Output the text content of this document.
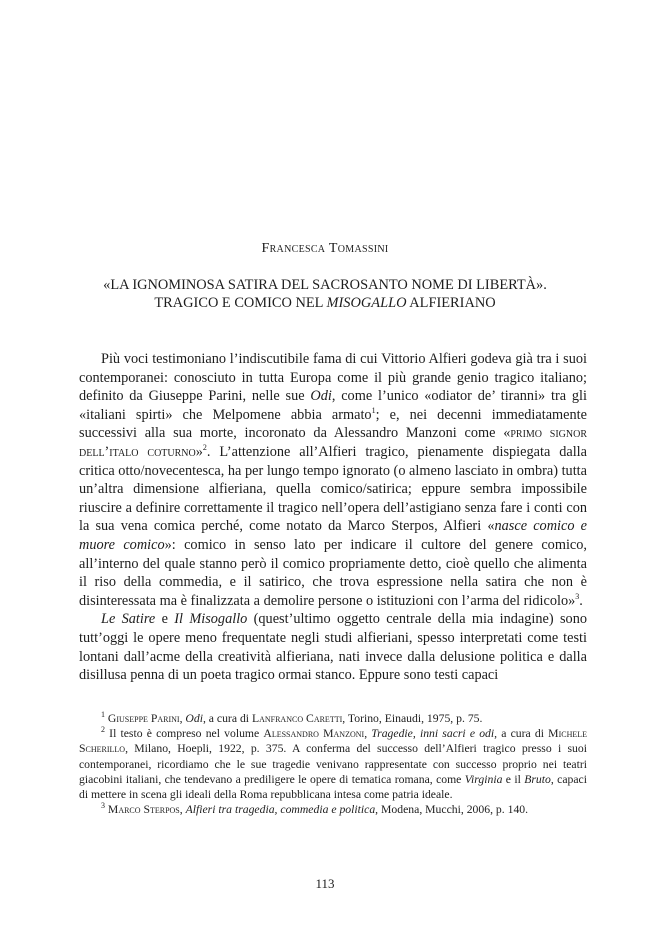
Francesca Tomassini
«LA IGNOMINOSA SATIRA DEL SACROSANTO NOME DI LIBERTÀ».
TRAGICO E COMICO NEL MISOGALLO ALFIERIANO

Più voci testimoniano l’indiscutibile fama di cui Vittorio Alfieri godeva già tra i suoi contemporanei: conosciuto in tutta Europa come il più grande genio tragico italiano; definito da Giuseppe Parini, nelle sue Odi, come l’unico «odiator de’ tiranni» tra gli «italiani spirti» che Melpomene abbia armato$^1$; e, nei decenni immediatamente successivi alla sua morte, incoronato da Alessandro Manzoni come «primo signor dell’italo coturno»$^2$. L’attenzione all’Alfieri tragico, pienamente dispiegata dalla critica otto/novecentesca, ha per lungo tempo ignorato (o almeno lasciato in ombra) tutta un’altra dimensione alfieriana, quella comico/satirica; eppure sembra impossibile riuscire a definire correttamente il tragico nell’opera dell’astigiano senza fare i conti con la sua vena comica perché, come notato da Marco Sterpos, Alfieri «nasce comico e muore comico»: comico in senso lato per indicare il cultore del genere comico, all’interno del quale stanno però il comico propriamente detto, cioè quello che alimenta il riso della commedia, e il satirico, che trova espressione nella satira che non è disinteressata ma è finalizzata a demolire persone o istituzioni con l’arma del ridicolo»$^3$.

Le Satire e Il Misogallo (quest’ultimo oggetto centrale della mia indagine) sono tutt’oggi le opere meno frequentate negli studi alfieriani, spesso interpretati come testi lontani dall’acme della creatività alfieriana, nati invece dalla delusione politica e dalla disillusa penna di un poeta tragico ormai stanco. Eppure sono testi capaci

$^1$ Giuseppe Parini, Odi, a cura di Lanfranco Caretti, Torino, Einaudi, 1975, p. 75.

$^2$ Il testo è compreso nel volume Alessandro Manzoni, Tragedie, inni sacri e odi, a cura di Michele Scherillo, Milano, Hoepli, 1922, p. 375. A conferma del successo dell’Alfieri tragico presso i suoi contemporanei, ricordiamo che le sue tragedie venivano rappresentate con successo proprio nei teatri giacobini italiani, che tendevano a prediligere le opere di tematica romana, come Virginia e il Bruto, capaci di mettere in scena gli ideali della Roma repubblicana intesa come patria ideale.

$^3$ Marco Sterpos, Alfieri tra tragedia, commedia e politica, Modena, Mucchi, 2006, p. 140.

113
